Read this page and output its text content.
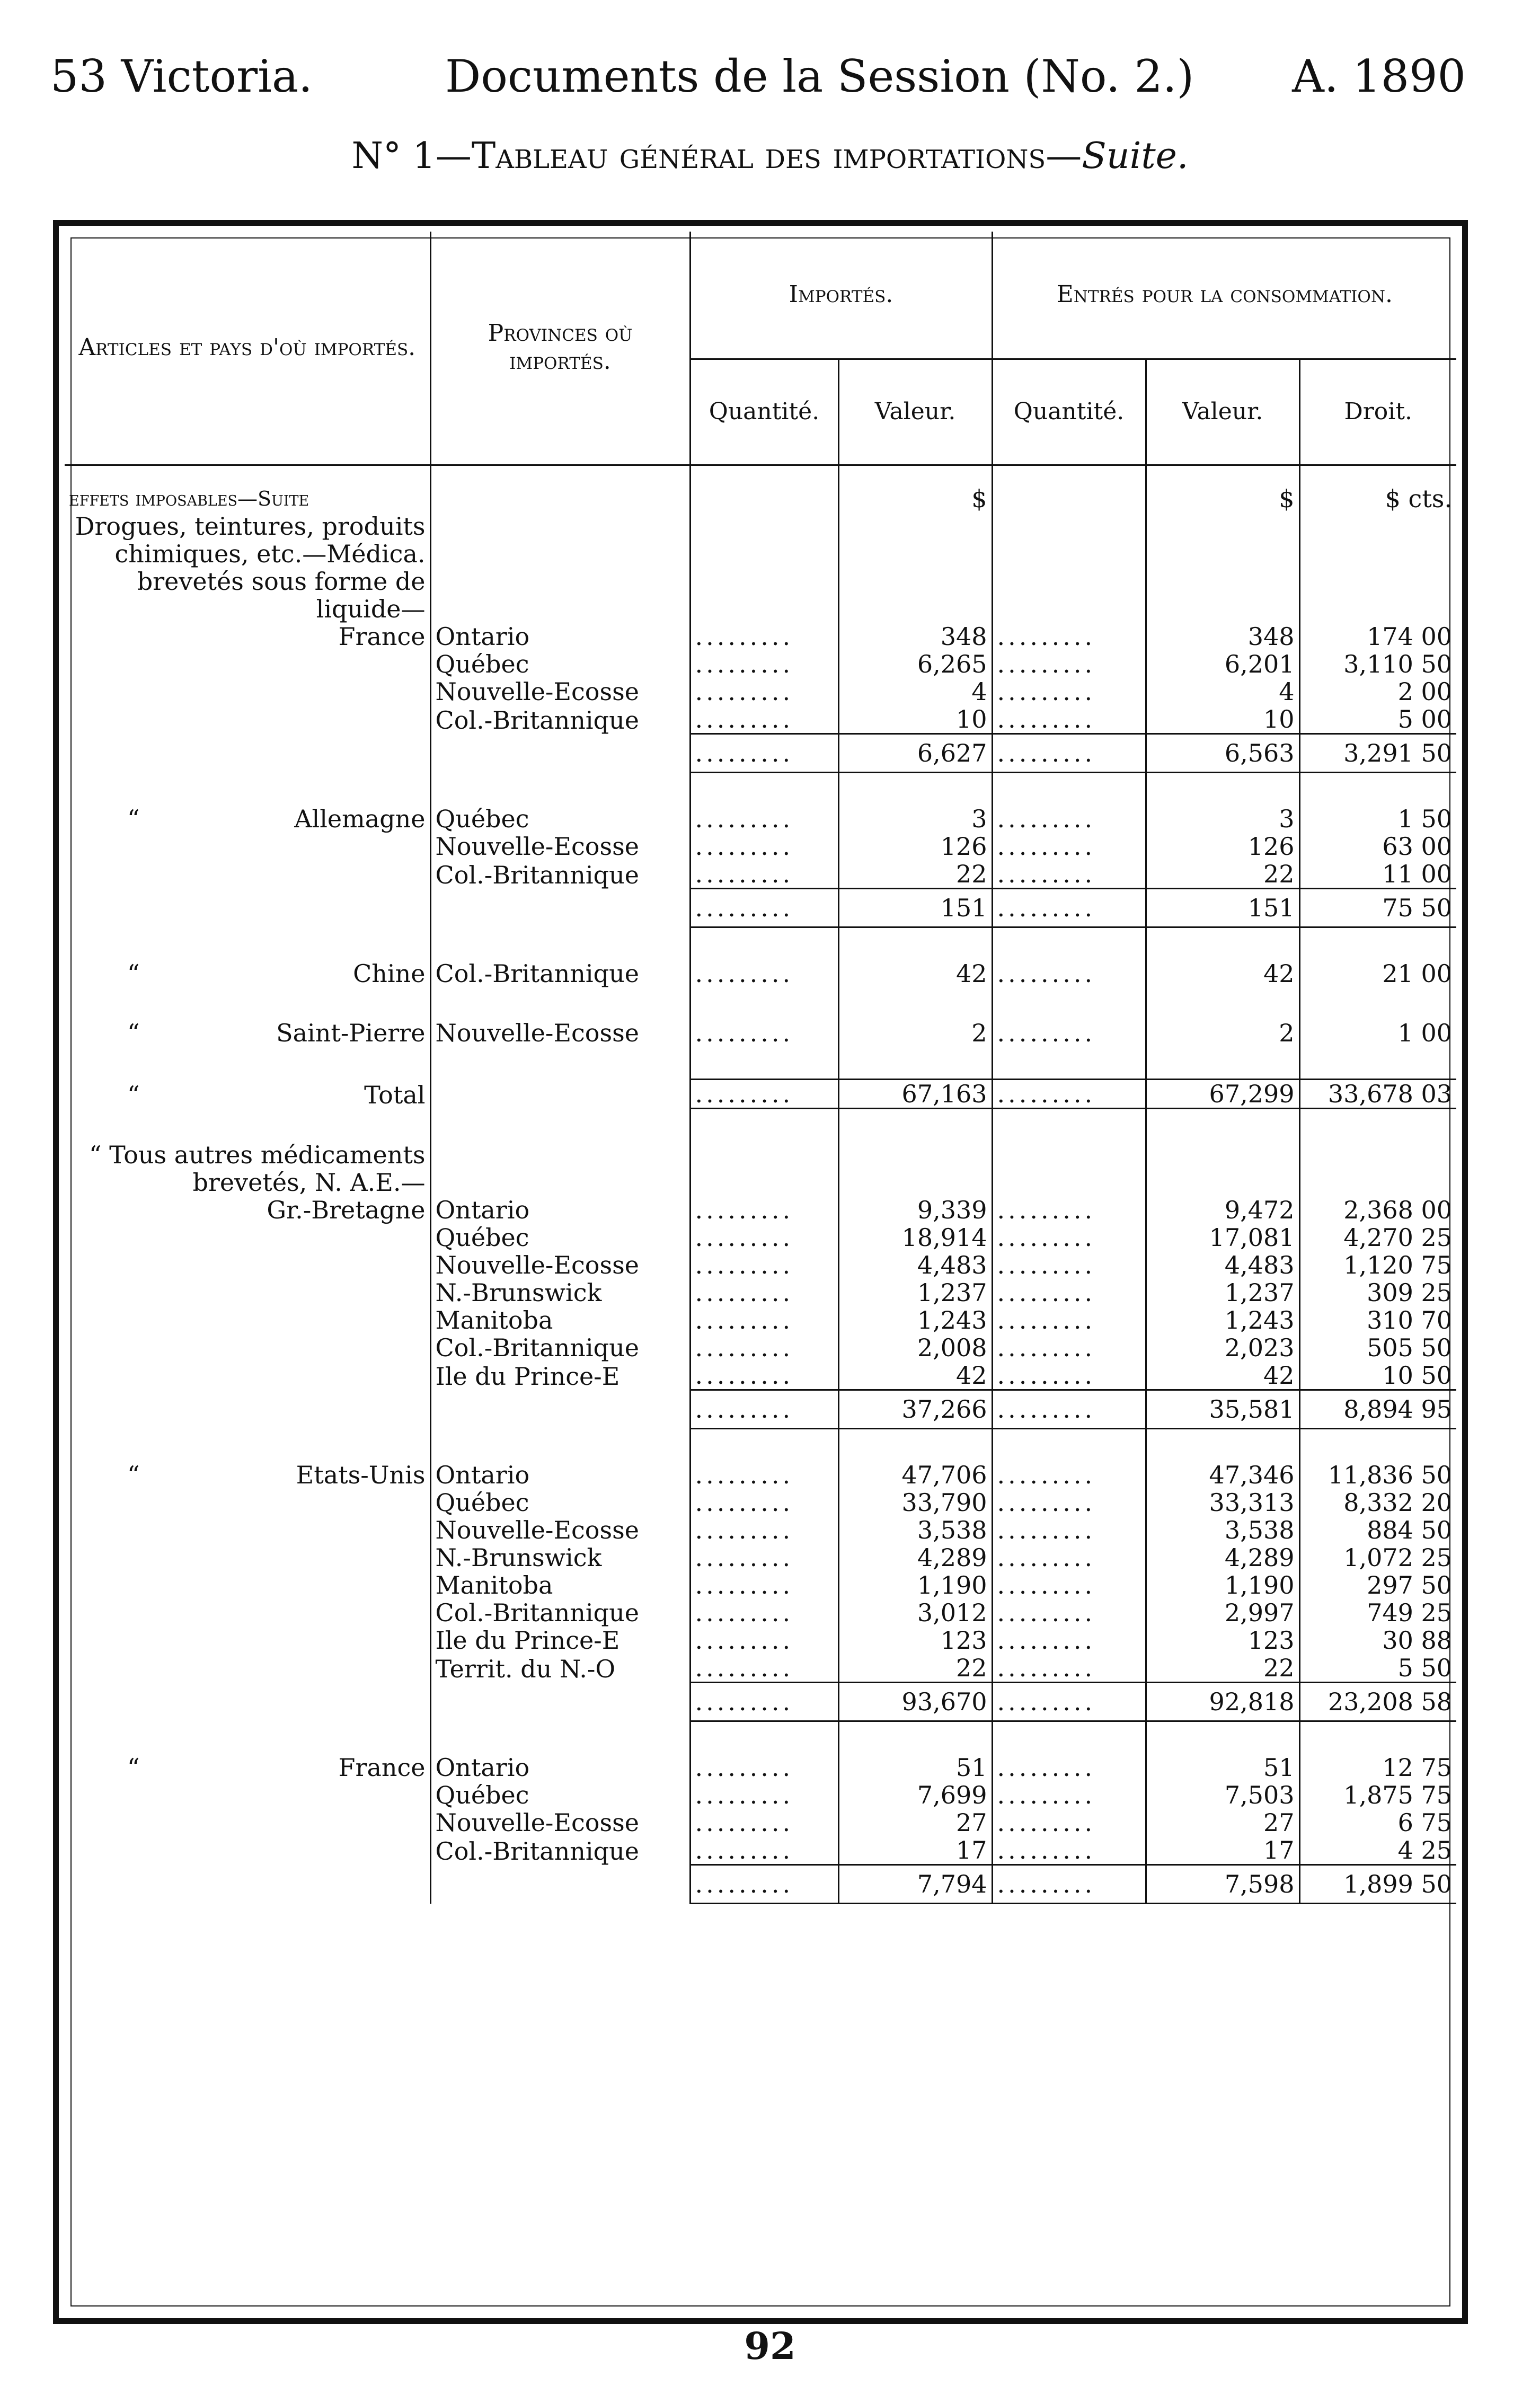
53 Victoria.	Documents de la Session (No. 2.) A. 1890
N° 1—Tableau général des importations—Suite.
Articles et pays d'où importés.	Provinces où importés.	Importés.		Entrés pour la consommation.		
		Quantité.	Valeur.	Quantité.	Valeur.	Droit.
effets imposables—Suite			$		$	$ cts.
Drogues, teintures, produits chimiques, etc.—Médica. brevetés sous forme de liquide—						
France	Ontario	.........	348	.........	348	174 00
	Québec	.........	6,265	.........	6,201	3,110 50
	Nouvelle-Ecosse	.........	4	.........	4	2 00
	Col.-Britannique	.........	10	.........	10	5 00
		.........	6,627	.........	6,563	3,291 50

“ Allemagne	Québec	.........	3	.........	3	1 50
	Nouvelle-Ecosse	.........	126	.........	126	63 00
	Col.-Britannique	.........	22	.........	22	11 00
		.........	151	.........	151	75 50

“ Chine	Col.-Britannique	.........	42	.........	42	21 00

“ Saint-Pierre	Nouvelle-Ecosse	.........	2	.........	2	1 00

“ Total		.........	67,163	.........	67,299	33,678 03

“ Tous autres médicaments brevetés, N. A.E.—						
Gr.-Bretagne	Ontario	.........	9,339	.........	9,472	2,368 00
	Québec	.........	18,914	.........	17,081	4,270 25
	Nouvelle-Ecosse	.........	4,483	.........	4,483	1,120 75
	N.-Brunswick	.........	1,237	.........	1,237	309 25
	Manitoba	.........	1,243	.........	1,243	310 70
	Col.-Britannique	.........	2,008	.........	2,023	505 50
	Ile du Prince-E	.........	42	.........	42	10 50
		.........	37,266	.........	35,581	8,894 95

“ Etats-Unis	Ontario	.........	47,706	.........	47,346	11,836 50
	Québec	.........	33,790	.........	33,313	8,332 20
	Nouvelle-Ecosse	.........	3,538	.........	3,538	884 50
	N.-Brunswick	.........	4,289	.........	4,289	1,072 25
	Manitoba	.........	1,190	.........	1,190	297 50
	Col.-Britannique	.........	3,012	.........	2,997	749 25
	Ile du Prince-E	.........	123	.........	123	30 88
	Territ. du N.-O	.........	22	.........	22	5 50
		.........	93,670	.........	92,818	23,208 58

“ France	Ontario	.........	51	.........	51	12 75
	Québec	.........	7,699	.........	7,503	1,875 75
	Nouvelle-Ecosse	.........	27	.........	27	6 75
	Col.-Britannique	.........	17	.........	17	4 25
		.........	7,794	.........	7,598	1,899 50
92
